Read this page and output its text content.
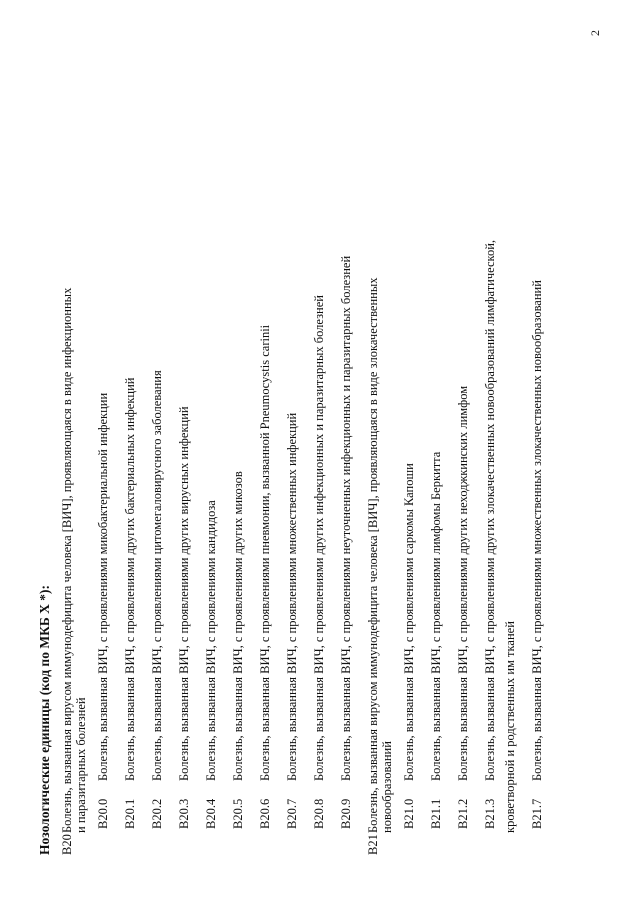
2
Нозологические единицы (код по МКБ X *): B20
Болезнь, вызванная вирусом иммунодефицита человека [ВИЧ], проявляющаяся в виде инфекционных и паразитарных болезней B20.0
Болезнь, вызванная ВИЧ, с проявлениями микобактериальной инфекции
B20.1
Болезнь, вызванная ВИЧ, с проявлениями других бактериальных инфекций
B20.2
Болезнь, вызванная ВИЧ, с проявлениями цитомегаловирусного заболевания
B20.3
Болезнь, вызванная ВИЧ, с проявлениями других вирусных инфекций
B20.4
Болезнь, вызванная ВИЧ, с проявлениями кандидоза
B20.5
Болезнь, вызванная ВИЧ, с проявлениями других микозов
B20.6
Болезнь, вызванная ВИЧ, с проявлениями пневмонии, вызванной Pneumocystis carinii
B20.7
Болезнь, вызванная ВИЧ, с проявлениями множественных инфекций
B20.8
Болезнь, вызванная ВИЧ, с проявлениями других инфекционных и паразитарных болезней
B20.9
Болезнь, вызванная ВИЧ, с проявлениями неуточненных инфекционных и паразитарных болезней
B21
Болезнь, вызванная вирусом иммунодефицита человека [ВИЧ], проявляющаяся в виде злокачественных новообразований B21.0
Болезнь, вызванная ВИЧ, с проявлениями саркомы Капоши
B21.1
Болезнь, вызванная ВИЧ, с проявлениями лимфомы Беркитта
B21.2
Болезнь, вызванная ВИЧ, с проявлениями других неходжкинских лимфом
B21.3
Болезнь, вызванная ВИЧ, с проявлениями других злокачественных новообразований лимфатической, кроветворной и родственных им тканей B21.7
Болезнь, вызванная ВИЧ, с проявлениями множественных злокачественных новообразований
